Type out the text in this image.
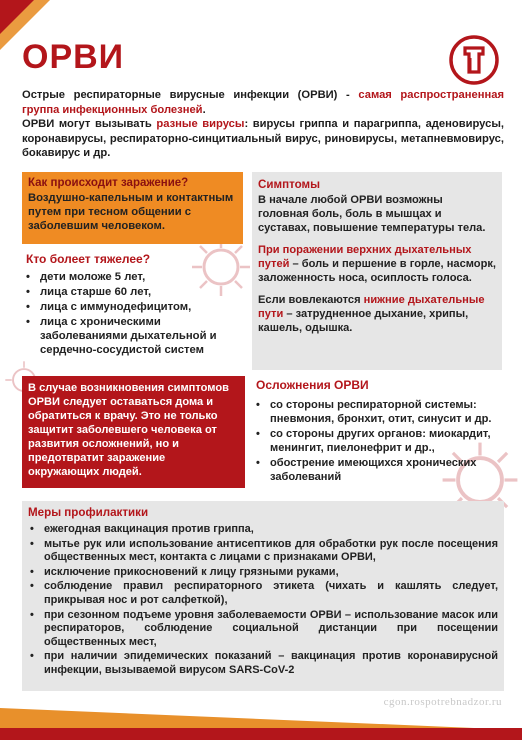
ОРВИ
Острые респираторные вирусные инфекции (ОРВИ) - самая распространенная группа инфекционных болезней.
ОРВИ могут вызывать разные вирусы: вирусы гриппа и парагриппа, аденовирусы, коронавирусы, респираторно-синцитиальный вирус, риновирусы, метапневмовирус, бокавирус и др.
Как происходит заражение?
Воздушно-капельным и контактным путем при тесном общении с заболевшим человеком.
Кто болеет тяжелее?
• дети моложе 5 лет,
• лица старше 60 лет,
• лица с иммунодефицитом,
• лица с хроническими заболеваниями дыхательной и сердечно-сосудистой систем
В случае возникновения симптомов ОРВИ следует оставаться дома и обратиться к врачу. Это не только защитит заболевшего человека от развития осложнений, но и предотвратит заражение окружающих людей.
Симптомы
В начале любой ОРВИ возможны головная боль, боль в мышцах и суставах, повышение температуры тела.
При поражении верхних дыхательных путей – боль и першение в горле, насморк, заложенность носа, осиплость голоса.
Если вовлекаются нижние дыхательные пути – затрудненное дыхание, хрипы, кашель, одышка.
Осложнения ОРВИ
• со стороны респираторной системы: пневмония, бронхит, отит, синусит и др.
• со стороны других органов: миокардит, менингит, пиелонефрит и др.,
• обострение имеющихся хронических заболеваний
Меры профилактики
• ежегодная вакцинация против гриппа,
• мытье рук или использование антисептиков для обработки рук после посещения общественных мест, контакта с лицами с признаками ОРВИ,
• исключение прикосновений к лицу грязными руками,
• соблюдение правил респираторного этикета (чихать и кашлять следует, прикрывая нос и рот салфеткой),
• при сезонном подъеме уровня заболеваемости ОРВИ – использование масок или респираторов, соблюдение социальной дистанции при посещении общественных мест,
• при наличии эпидемических показаний – вакцинация против коронавирусной инфекции, вызываемой вирусом SARS-CoV-2
cgon.rospotrebnadzor.ru
